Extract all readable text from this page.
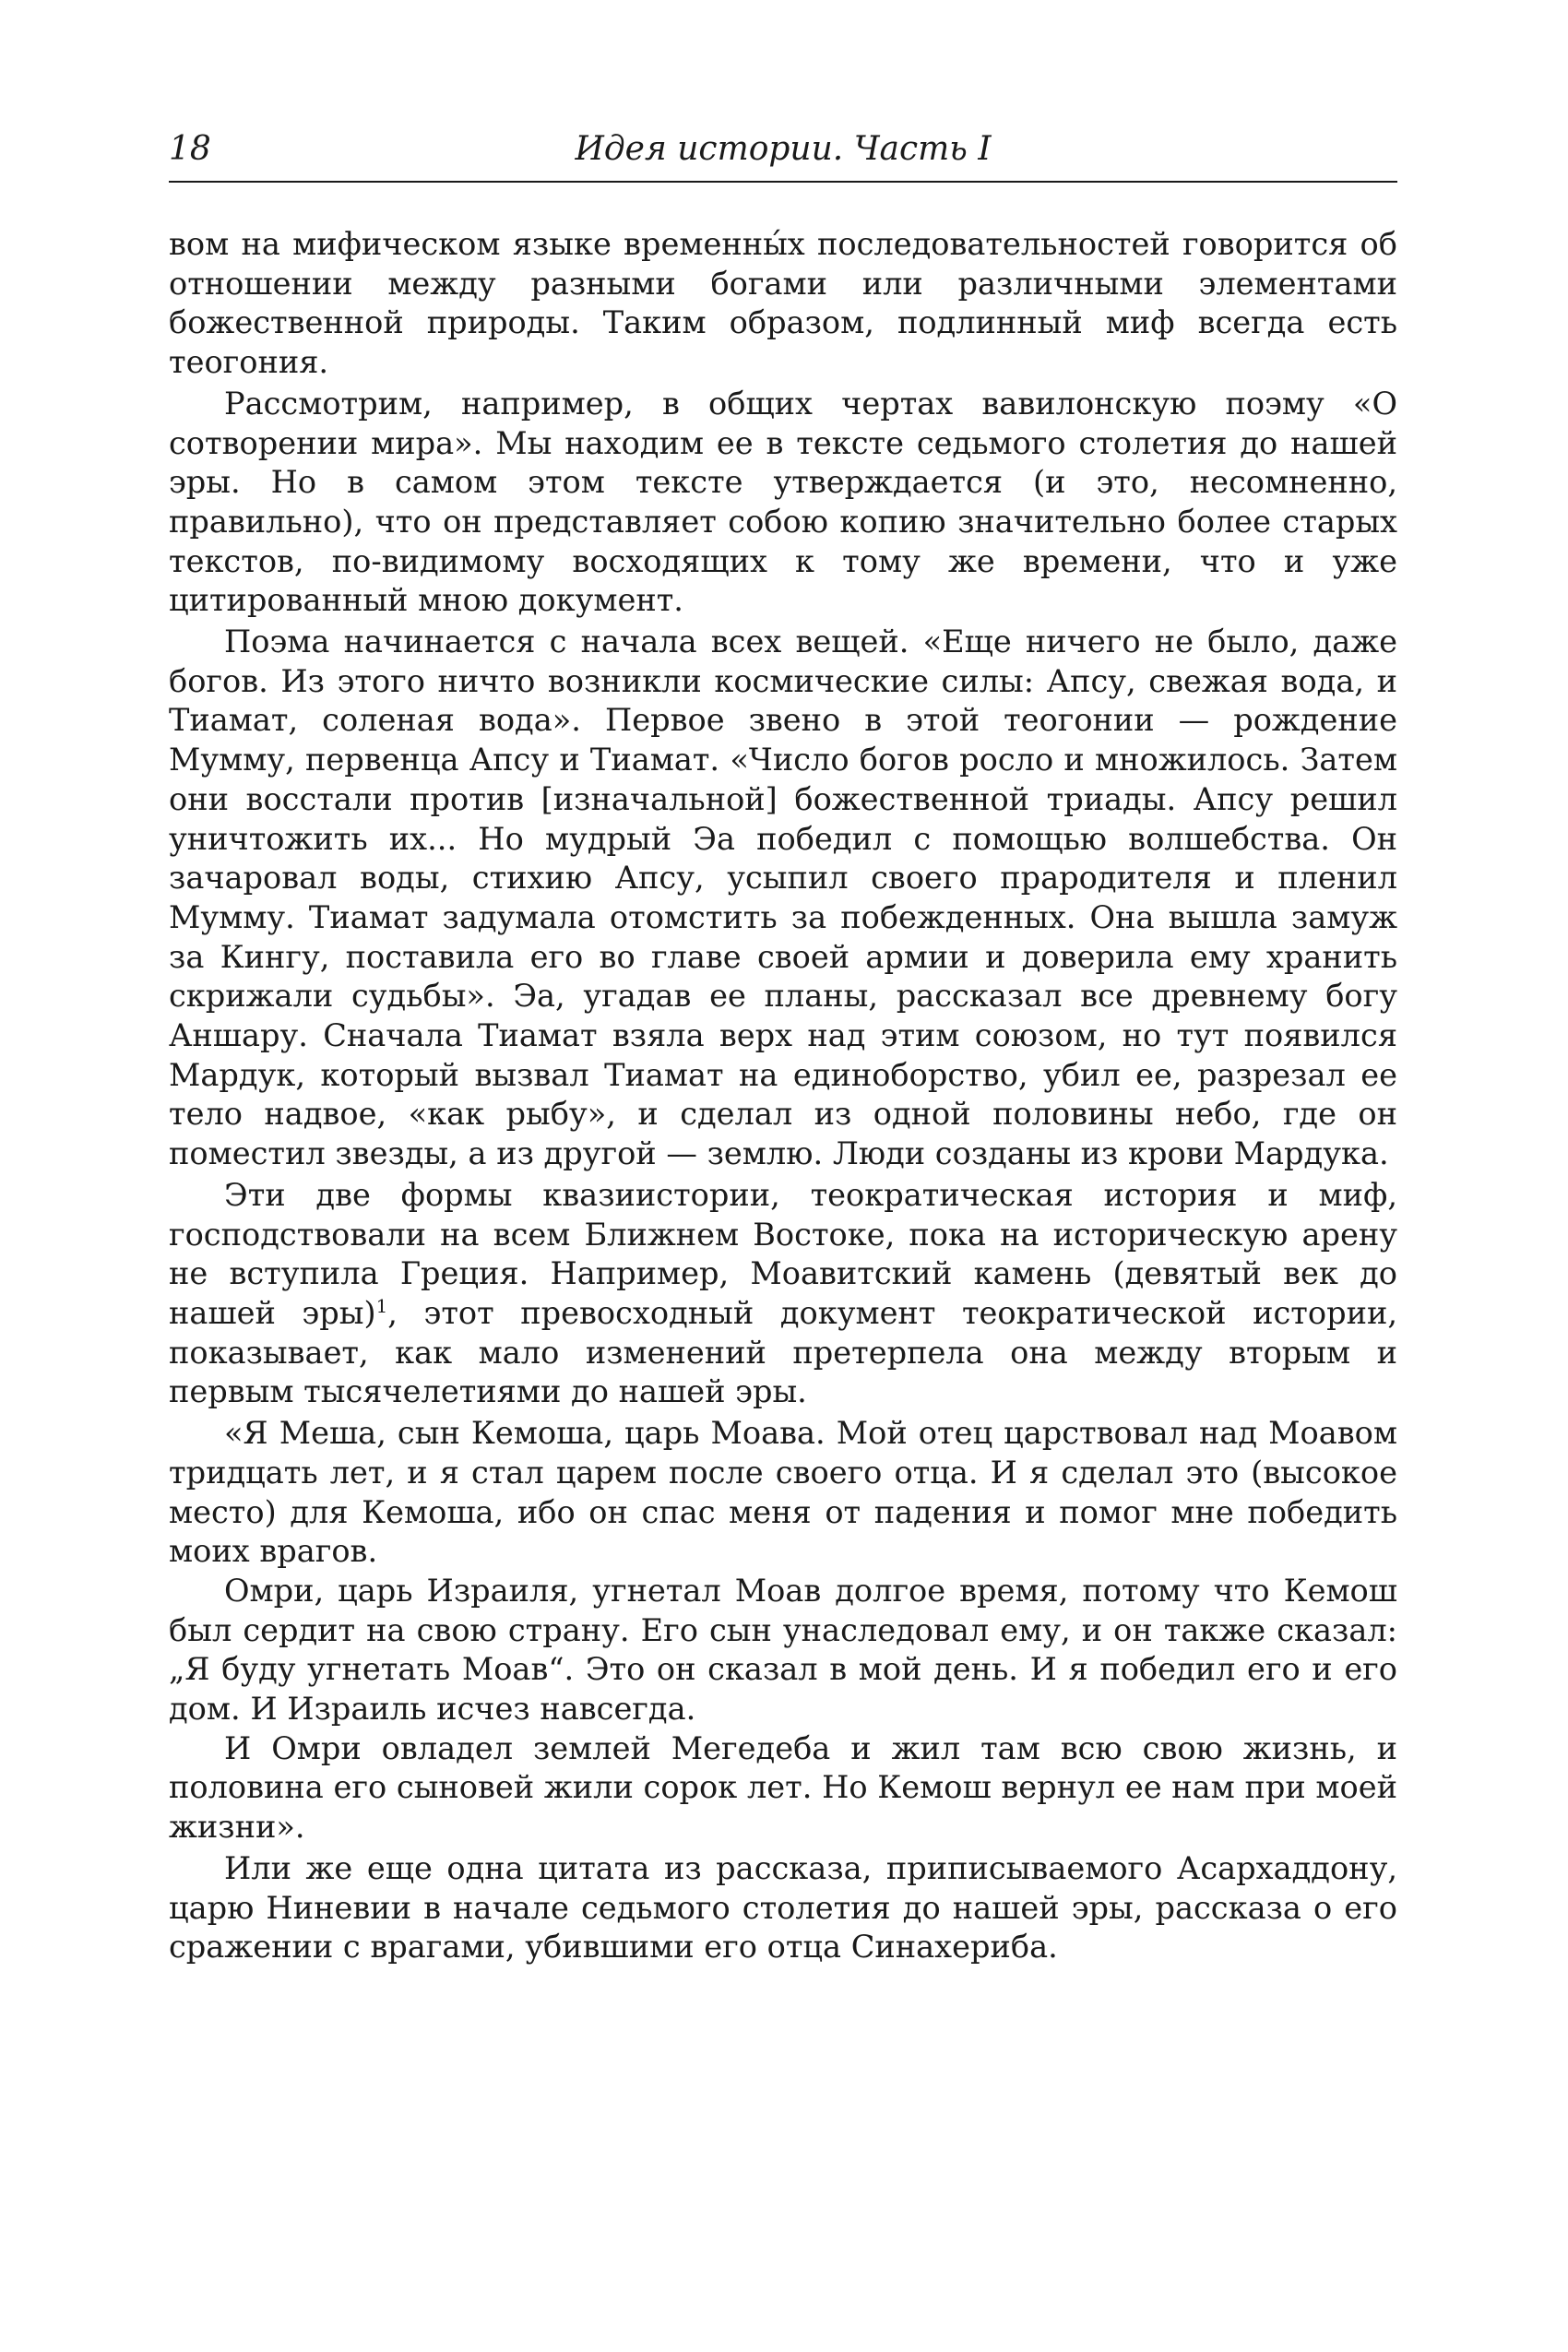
18	Идея истории. Часть I

вом на мифическом языке временны́х последовательностей говорится об отношении между разными богами или различными элементами божественной природы. Таким образом, подлинный миф всегда есть теогония.

Рассмотрим, например, в общих чертах вавилонскую поэму «О сотворении мира». Мы находим ее в тексте седьмого столетия до нашей эры. Но в самом этом тексте утверждается (и это, несомненно, правильно), что он представляет собою копию значительно более старых текстов, по-видимому восходящих к тому же времени, что и уже цитированный мною документ.

Поэма начинается с начала всех вещей. «Еще ничего не было, даже богов. Из этого ничто возникли космические силы: Апсу, свежая вода, и Тиамат, соленая вода». Первое звено в этой теогонии — рождение Мумму, первенца Апсу и Тиамат. «Число богов росло и множилось. Затем они восстали против [изначальной] божественной триады. Апсу решил уничтожить их... Но мудрый Эа победил с помощью волшебства. Он зачаровал воды, стихию Апсу, усыпил своего прародителя и пленил Мумму. Тиамат задумала отомстить за побежденных. Она вышла замуж за Кингу, поставила его во главе своей армии и доверила ему хранить скрижали судьбы». Эа, угадав ее планы, рассказал все древнему богу Аншару. Сначала Тиамат взяла верх над этим союзом, но тут появился Мардук, который вызвал Тиамат на единоборство, убил ее, разрезал ее тело надвое, «как рыбу», и сделал из одной половины небо, где он поместил звезды, а из другой — землю. Люди созданы из крови Мардука.

Эти две формы квазиистории, теократическая история и миф, господствовали на всем Ближнем Востоке, пока на историческую арену не вступила Греция. Например, Моавитский камень (девятый век до нашей эры)$^1$, этот превосходный документ теократической истории, показывает, как мало изменений претерпела она между вторым и первым тысячелетиями до нашей эры.

«Я Меша, сын Кемоша, царь Моава. Мой отец царствовал над Моавом тридцать лет, и я стал царем после своего отца. И я сделал это (высокое место) для Кемоша, ибо он спас меня от падения и помог мне победить моих врагов.

Омри, царь Израиля, угнетал Моав долгое время, потому что Кемош был сердит на свою страну. Его сын унаследовал ему, и он также сказал: „Я буду угнетать Моав“. Это он сказал в мой день. И я победил его и его дом. И Израиль исчез навсегда.

И Омри овладел землей Мегедеба и жил там всю свою жизнь, и половина его сыновей жили сорок лет. Но Кемош вернул ее нам при моей жизни».

Или же еще одна цитата из рассказа, приписываемого Асархаддону, царю Ниневии в начале седьмого столетия до нашей эры, рассказа о его сражении с врагами, убившими его отца Синахериба.
